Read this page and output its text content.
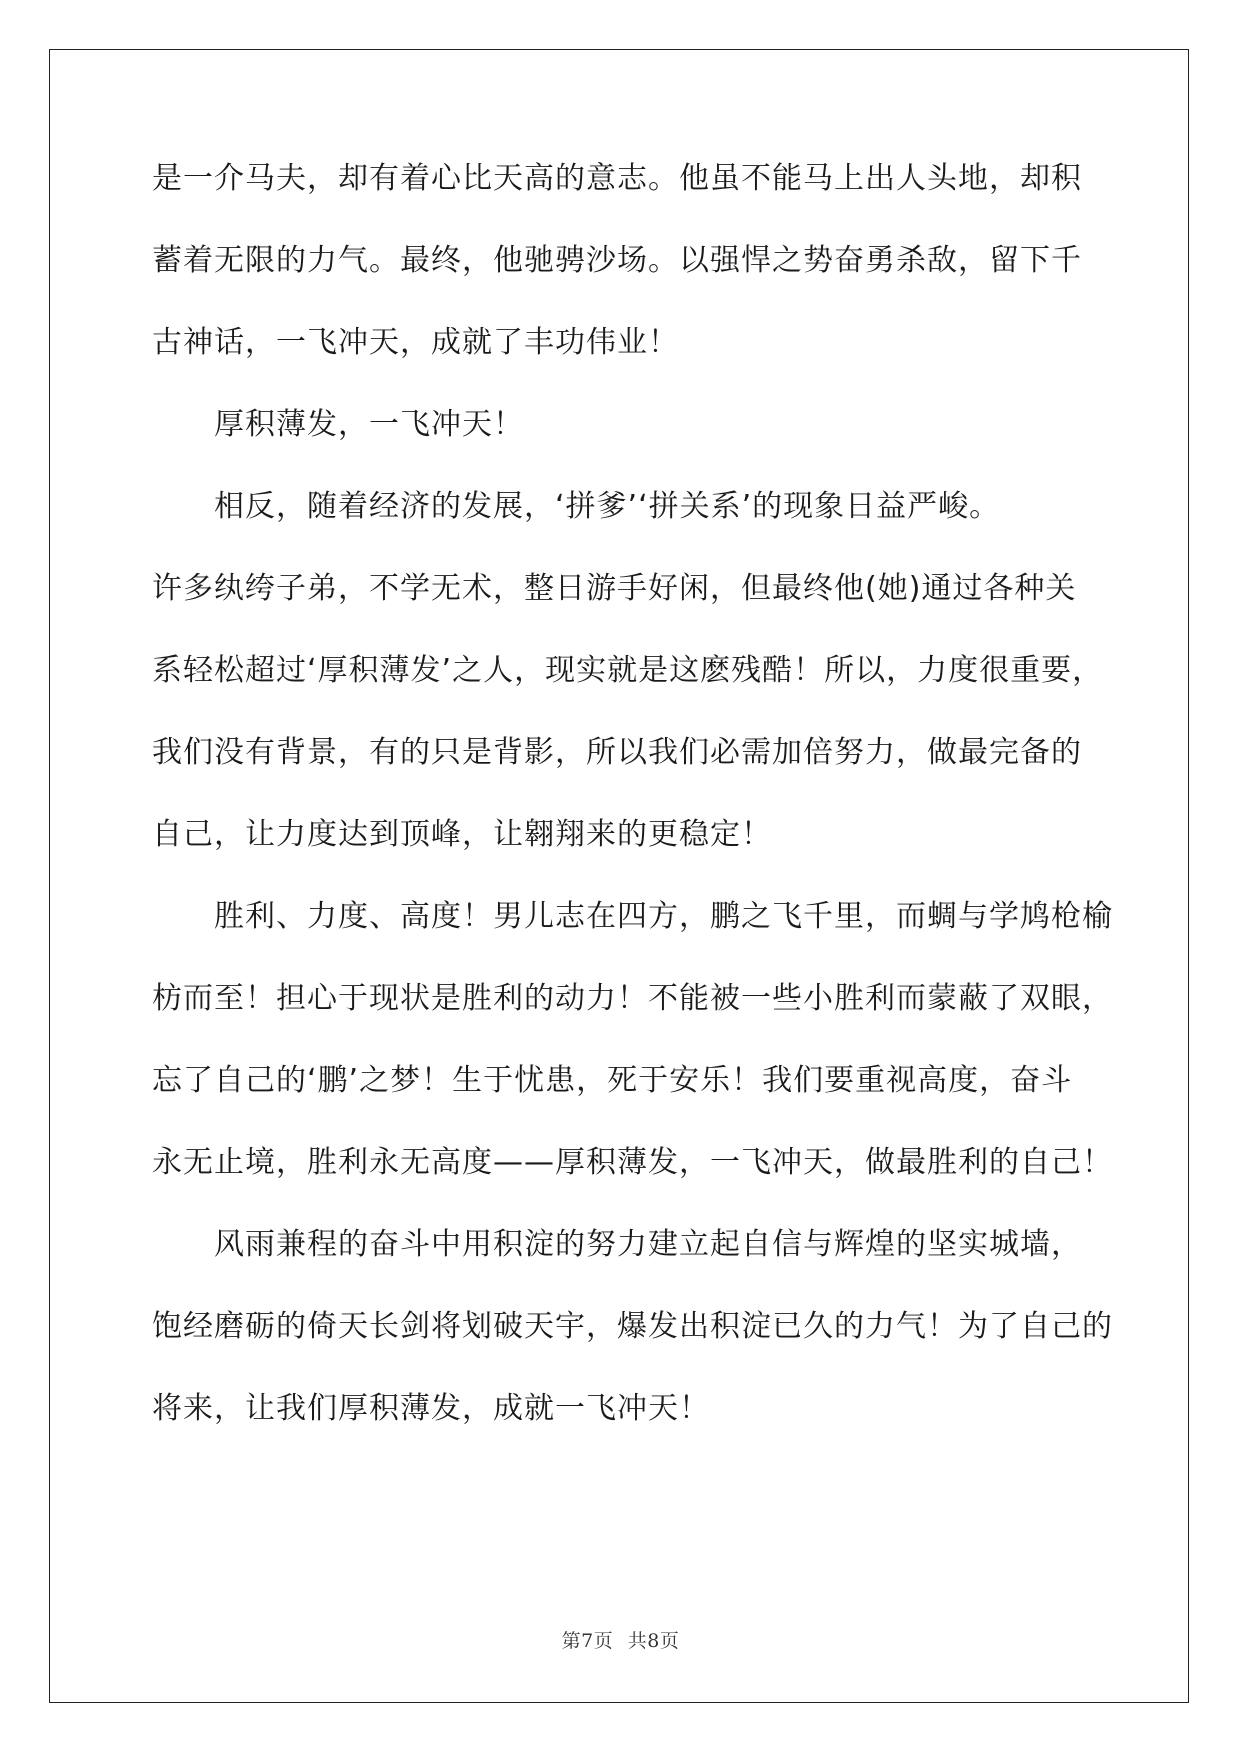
是一介马夫，却有着心比天高的意志。他虽不能马上出人头地，却积
蓄着无限的力气。最终，他驰骋沙场。以强悍之势奋勇杀敌，留下千
古神话，一飞冲天，成就了丰功伟业！
厚积薄发，一飞冲天！
相反，随着经济的发展，‘拼爹’‘拼关系’的现象日益严峻。
许多纨绔子弟，不学无术，整日游手好闲，但最终他(她)通过各种关
系轻松超过‘厚积薄发’之人，现实就是这麽残酷！所以，力度很重要，
我们没有背景，有的只是背影，所以我们必需加倍努力，做最完备的
自己，让力度达到顶峰，让翱翔来的更稳定！
胜利、力度、高度！男儿志在四方，鹏之飞千里，而蜩与学鸠枪榆
枋而至！担心于现状是胜利的动力！不能被一些小胜利而蒙蔽了双眼，
忘了自己的‘鹏’之梦！生于忧患，死于安乐！我们要重视高度，奋斗
永无止境，胜利永无高度——厚积薄发，一飞冲天，做最胜利的自己！
风雨兼程的奋斗中用积淀的努力建立起自信与辉煌的坚实城墙，
饱经磨砺的倚天长剑将划破天宇，爆发出积淀已久的力气！为了自己的
将来，让我们厚积薄发，成就一飞冲天！
第7页 共8页
